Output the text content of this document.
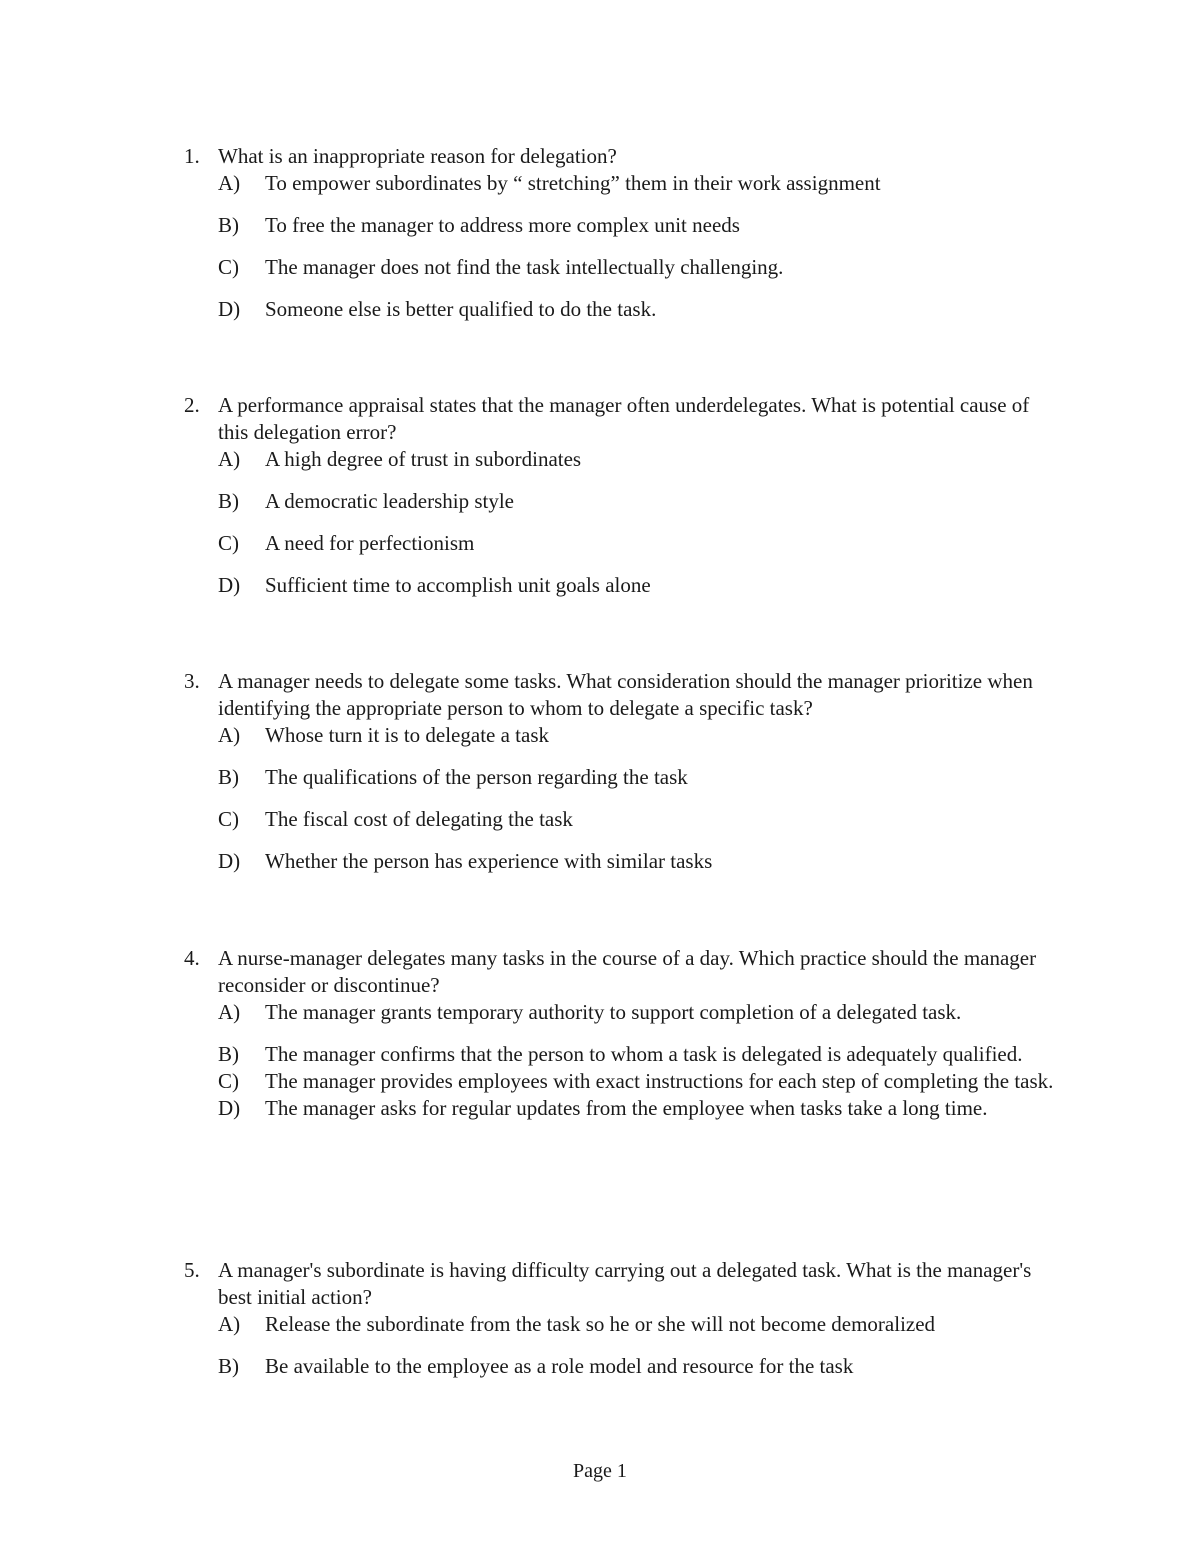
1. What is an inappropriate reason for delegation?
A)	To empower subordinates by “ stretching” them in their work assignment
B)	To free the manager to address more complex unit needs
C)	The manager does not find the task intellectually challenging.
D)	Someone else is better qualified to do the task.
2. A performance appraisal states that the manager often underdelegates. What is potential cause of this delegation error?
A)	A high degree of trust in subordinates
B)	A democratic leadership style
C)	A need for perfectionism
D)	Sufficient time to accomplish unit goals alone
3. A manager needs to delegate some tasks. What consideration should the manager prioritize when identifying the appropriate person to whom to delegate a specific task?
A)	Whose turn it is to delegate a task
B)	The qualifications of the person regarding the task
C)	The fiscal cost of delegating the task
D)	Whether the person has experience with similar tasks
4. A nurse-manager delegates many tasks in the course of a day. Which practice should the manager reconsider or discontinue?
A)	The manager grants temporary authority to support completion of a delegated task.
B)	The manager confirms that the person to whom a task is delegated is adequately qualified.
C)	The manager provides employees with exact instructions for each step of completing the task.
D)	The manager asks for regular updates from the employee when tasks take a long time.
5. A manager's subordinate is having difficulty carrying out a delegated task. What is the manager's best initial action?
A)	Release the subordinate from the task so he or she will not become demoralized
B)	Be available to the employee as a role model and resource for the task
Page 1
